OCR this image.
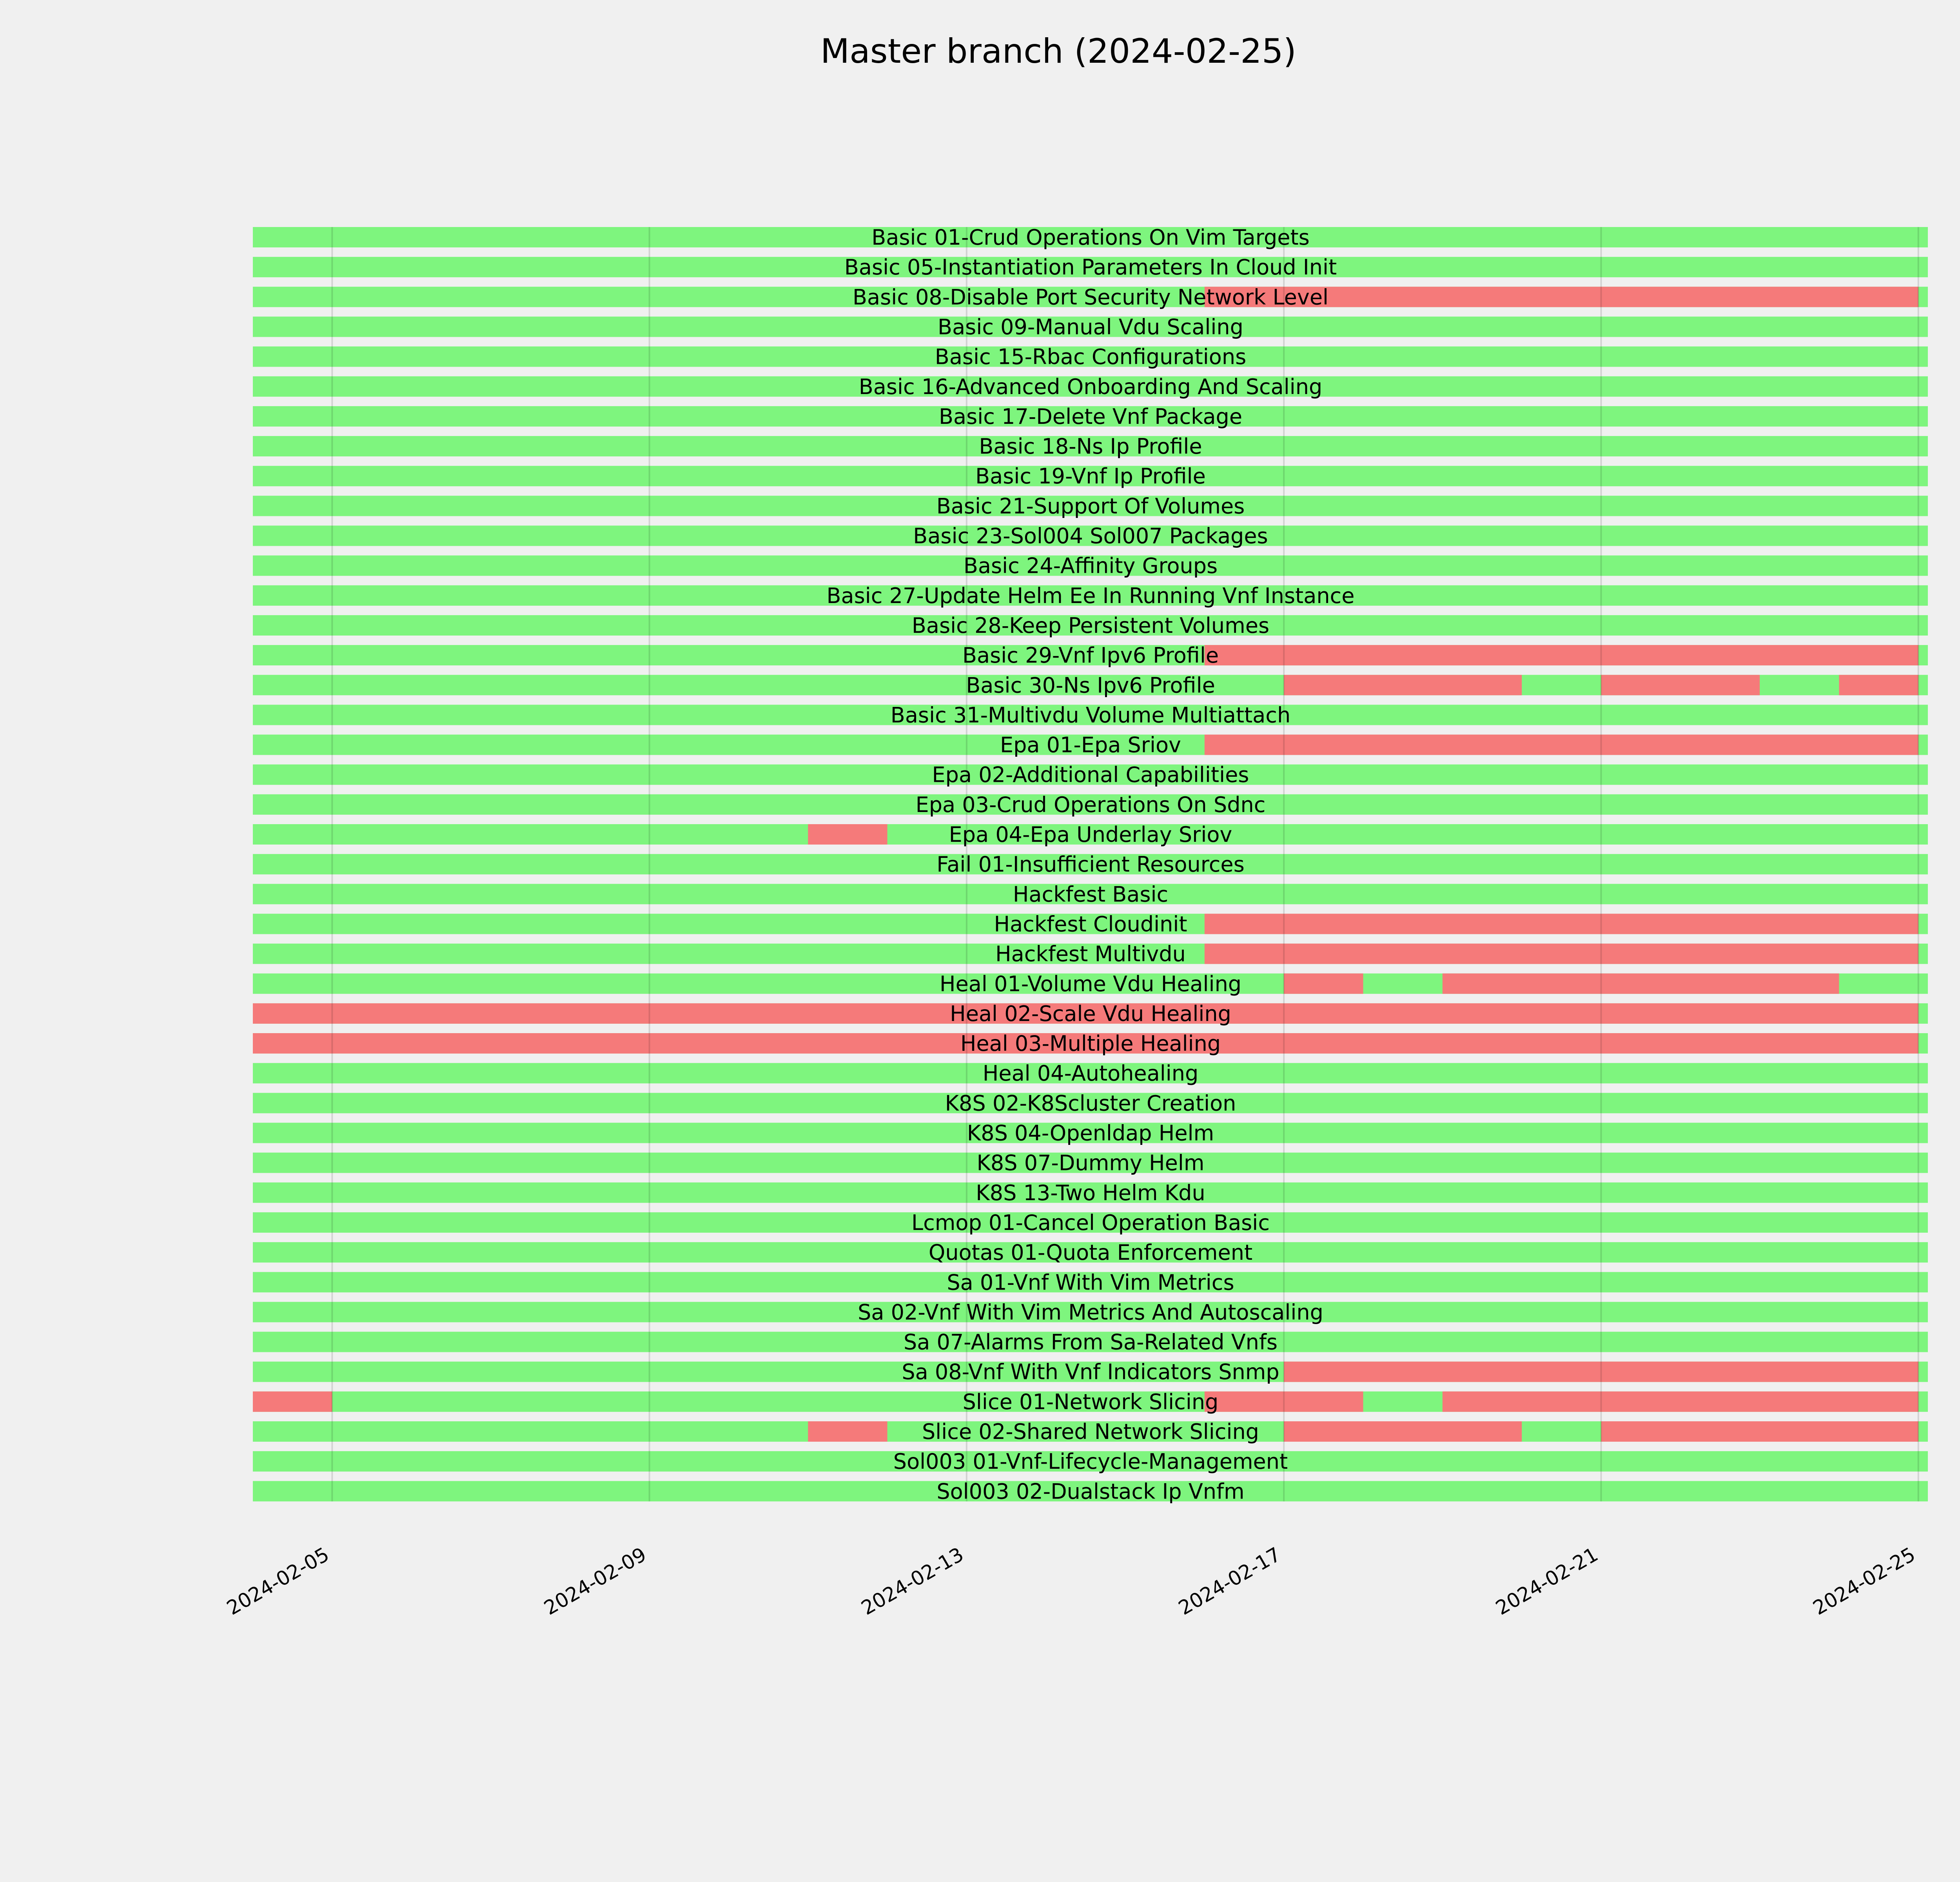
Master branch (2024-02-25)
Basic 01-Crud Operations On Vim Targets
Basic 05-Instantiation Parameters In Cloud Init
Basic 08-Disable Port Security Network Level
Basic 09-Manual Vdu Scaling
Basic 15-Rbac Configurations
Basic 16-Advanced Onboarding And Scaling
Basic 17-Delete Vnf Package
Basic 18-Ns Ip Profile
Basic 19-Vnf Ip Profile
Basic 21-Support Of Volumes
Basic 23-Sol004 Sol007 Packages
Basic 24-Affinity Groups
Basic 27-Update Helm Ee In Running Vnf Instance
Basic 28-Keep Persistent Volumes
Basic 29-Vnf Ipv6 Profile
Basic 30-Ns Ipv6 Profile
Basic 31-Multivdu Volume Multiattach
Epa 01-Epa Sriov
Epa 02-Additional Capabilities
Epa 03-Crud Operations On Sdnc
Epa 04-Epa Underlay Sriov
Fail 01-Insufficient Resources
Hackfest Basic
Hackfest Cloudinit
Hackfest Multivdu
Heal 01-Volume Vdu Healing
Heal 02-Scale Vdu Healing
Heal 03-Multiple Healing
Heal 04-Autohealing
K8S 02-K8Scluster Creation
K8S 04-Openldap Helm
K8S 07-Dummy Helm
K8S 13-Two Helm Kdu
Lcmop 01-Cancel Operation Basic
Quotas 01-Quota Enforcement
Sa 01-Vnf With Vim Metrics
Sa 02-Vnf With Vim Metrics And Autoscaling
Sa 07-Alarms From Sa-Related Vnfs
Sa 08-Vnf With Vnf Indicators Snmp
Slice 01-Network Slicing
Slice 02-Shared Network Slicing
Sol003 01-Vnf-Lifecycle-Management
Sol003 02-Dualstack Ip Vnfm
2024-02-05	2024-02-09	2024-02-13	2024-02-17	2024-02-21	2024-02-25
